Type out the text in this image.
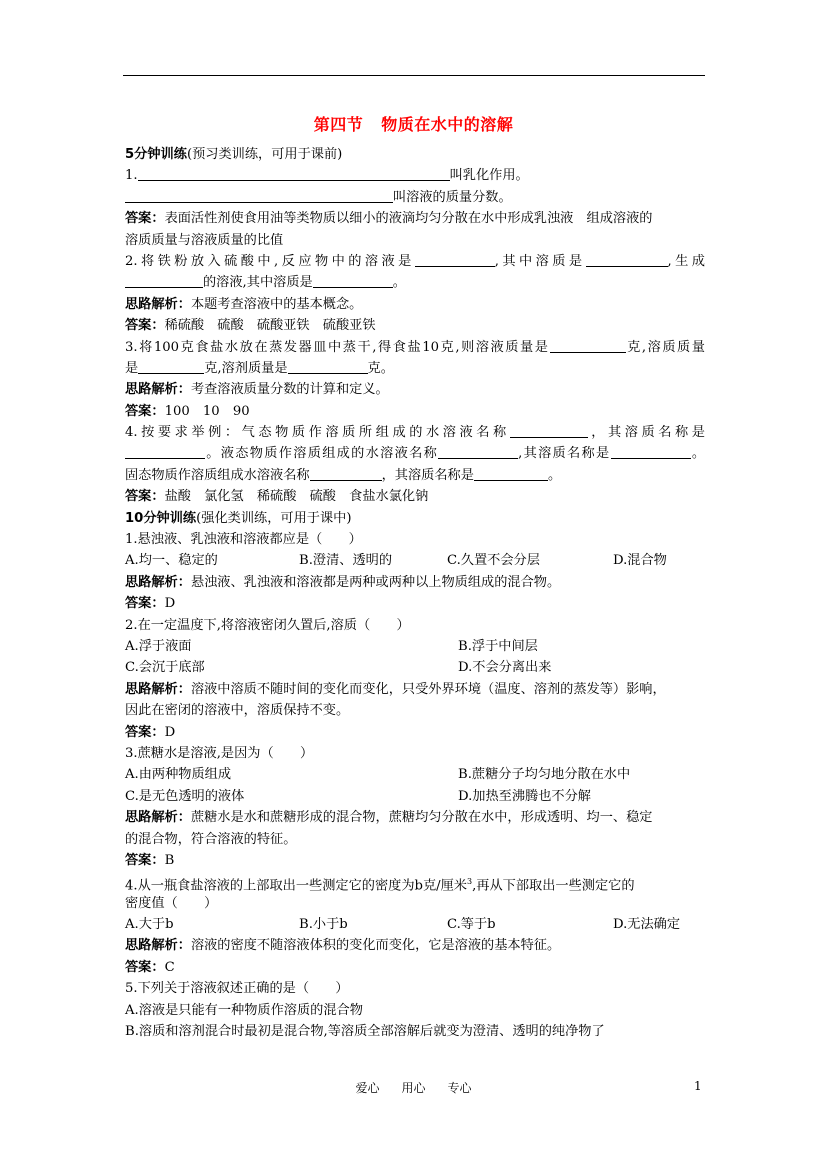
第四节 物质在水中的溶解
5分钟训练(预习类训练，可用于课前)
1.	叫乳化作用。
叫溶液的质量分数。
答案：表面活性剂使食用油等类物质以细小的液滴均匀分散在水中形成乳浊液　组成溶液的
溶质质量与溶液质量的比值
2.将铁粉放入硫酸中,反应物中的溶液是	,其中溶质是	,生成
的溶液,其中溶质是	。
思路解析：本题考查溶液中的基本概念。
答案：稀硫酸　硫酸　硫酸亚铁　硫酸亚铁
3.将100克食盐水放在蒸发器皿中蒸干,得食盐10克,则溶液质量是	克,溶质质量
是	克,溶剂质量是	克。
思路解析：考查溶液质量分数的计算和定义。
答案：100　10　90
4.按要求举例：气态物质作溶质所组成的水溶液名称	，其溶质名称是
。液态物质作溶质组成的水溶液名称	,其溶质名称是	。
固态物质作溶质组成水溶液名称	，其溶质名称是	。
答案：盐酸　氯化氢　稀硫酸　硫酸　食盐水氯化钠
10分钟训练(强化类训练，可用于课中)
1.悬浊液、乳浊液和溶液都应是（　　）
A.均一、稳定的	B.澄清、透明的	C.久置不会分层	D.混合物
思路解析：悬浊液、乳浊液和溶液都是两种或两种以上物质组成的混合物。
答案：D
2.在一定温度下,将溶液密闭久置后,溶质（　　）
A.浮于液面	B.浮于中间层
C.会沉于底部	D.不会分离出来
思路解析：溶液中溶质不随时间的变化而变化，只受外界环境（温度、溶剂的蒸发等）影响，
因此在密闭的溶液中，溶质保持不变。
答案：D
3.蔗糖水是溶液,是因为（　　）
A.由两种物质组成	B.蔗糖分子均匀地分散在水中
C.是无色透明的液体	D.加热至沸腾也不分解
思路解析：蔗糖水是水和蔗糖形成的混合物，蔗糖均匀分散在水中，形成透明、均一、稳定
的混合物，符合溶液的特征。
答案：B
4.从一瓶食盐溶液的上部取出一些测定它的密度为b克/厘米$^3$,再从下部取出一些测定它的
密度值（　　）
A.大于b	B.小于b	C.等于b	D.无法确定
思路解析：溶液的密度不随溶液体积的变化而变化，它是溶液的基本特征。
答案：C
5.下列关于溶液叙述正确的是（　　）
A.溶液是只能有一种物质作溶质的混合物
B.溶质和溶剂混合时最初是混合物,等溶质全部溶解后就变为澄清、透明的纯净物了
爱心 用心 专心	1
